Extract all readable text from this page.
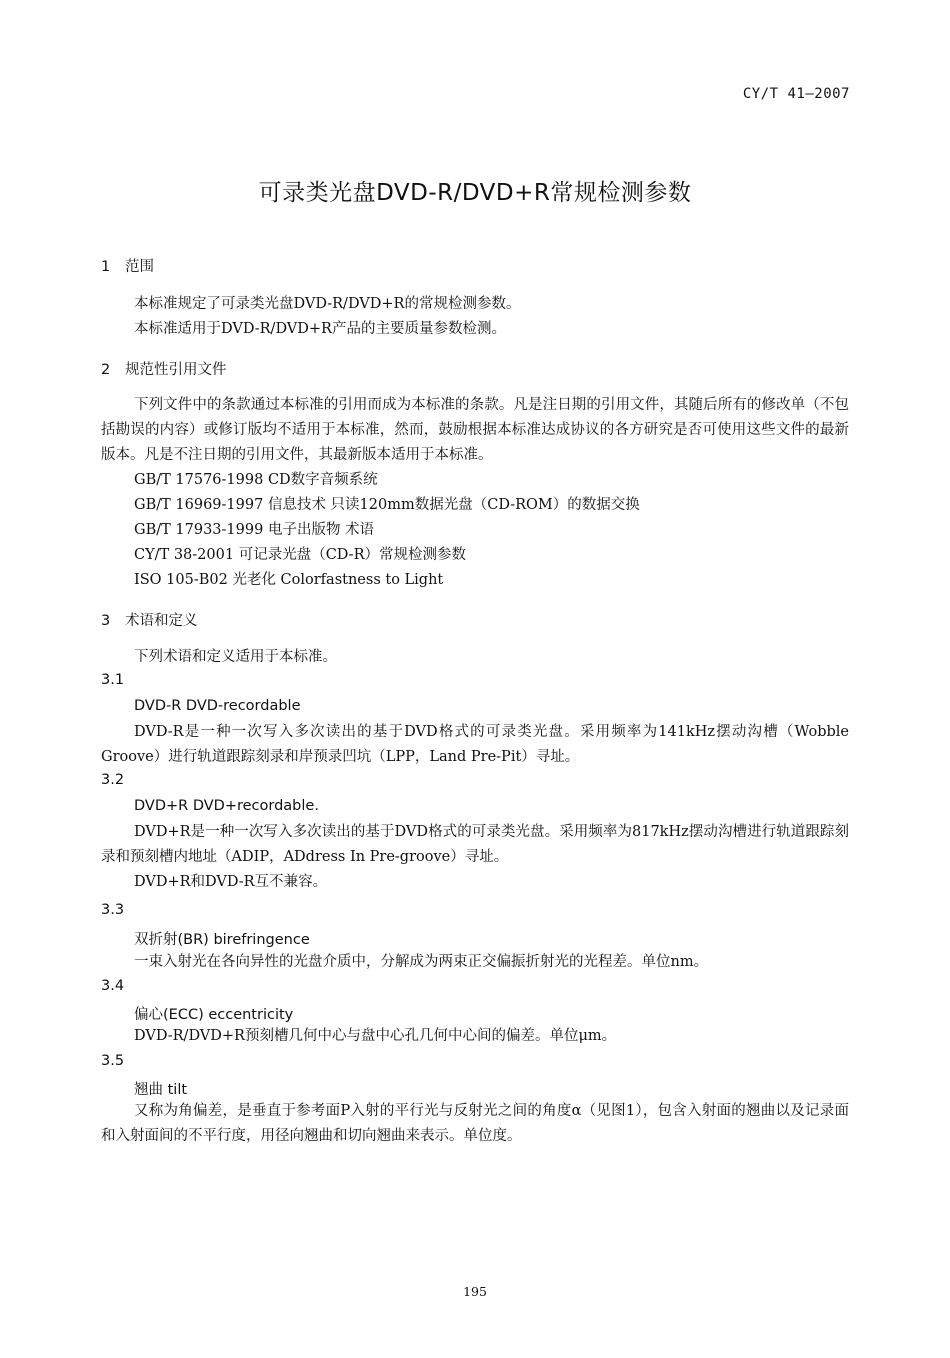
CY/T 41—2007
可录类光盘DVD-R/DVD+R常规检测参数
1 范围
本标准规定了可录类光盘DVD-R/DVD+R的常规检测参数。
本标准适用于DVD-R/DVD+R产品的主要质量参数检测。
2 规范性引用文件
下列文件中的条款通过本标准的引用而成为本标准的条款。凡是注日期的引用文件，其随后所有的修改单（不包括勘误的内容）或修订版均不适用于本标准，然而，鼓励根据本标准达成协议的各方研究是否可使用这些文件的最新版本。凡是不注日期的引用文件，其最新版本适用于本标准。
GB/T 17576-1998 CD数字音频系统
GB/T 16969-1997 信息技术 只读120mm数据光盘（CD-ROM）的数据交换
GB/T 17933-1999 电子出版物 术语
CY/T 38-2001 可记录光盘（CD-R）常规检测参数
ISO 105-B02 光老化 Colorfastness to Light
3 术语和定义
下列术语和定义适用于本标准。
3.1
DVD-R DVD-recordable
DVD-R是一种一次写入多次读出的基于DVD格式的可录类光盘。采用频率为141kHz摆动沟槽（Wobble Groove）进行轨道跟踪刻录和岸预录凹坑（LPP，Land Pre-Pit）寻址。
3.2
DVD+R DVD+recordable.
DVD+R是一种一次写入多次读出的基于DVD格式的可录类光盘。采用频率为817kHz摆动沟槽进行轨道跟踪刻录和预刻槽内地址（ADIP，ADdress In Pre-groove）寻址。
DVD+R和DVD-R互不兼容。
3.3
双折射(BR) birefringence
一束入射光在各向异性的光盘介质中，分解成为两束正交偏振折射光的光程差。单位nm。
3.4
偏心(ECC) eccentricity
DVD-R/DVD+R预刻槽几何中心与盘中心孔几何中心间的偏差。单位μm。
3.5
翘曲 tilt
又称为角偏差，是垂直于参考面P入射的平行光与反射光之间的角度α（见图1），包含入射面的翘曲以及记录面和入射面间的不平行度，用径向翘曲和切向翘曲来表示。单位度。
195
